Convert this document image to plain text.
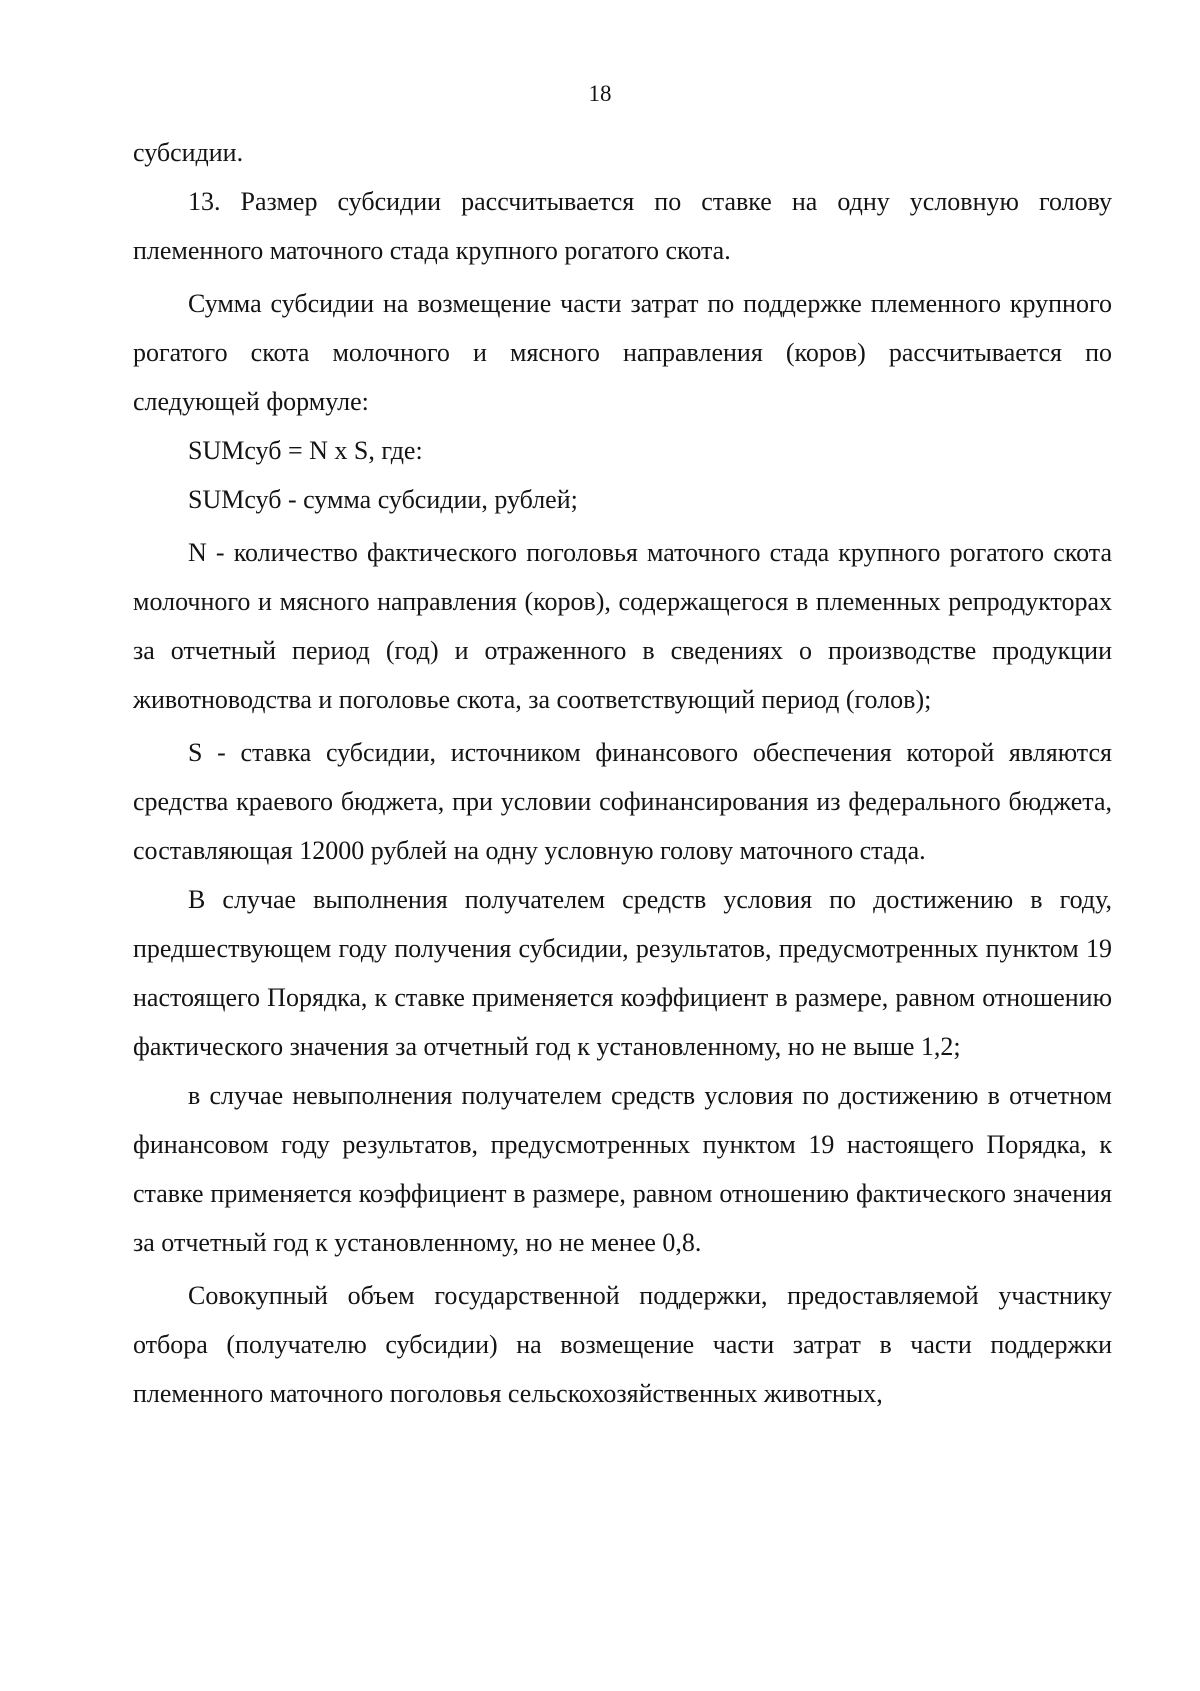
18

субсидии.

13. Размер субсидии рассчитывается по ставке на одну условную голову племенного маточного стада крупного рогатого скота.

Сумма субсидии на возмещение части затрат по поддержке племенного крупного рогатого скота молочного и мясного направления (коров) рассчитывается по следующей формуле:

SUMсуб = N x S, где:

SUMсуб - сумма субсидии, рублей;

N - количество фактического поголовья маточного стада крупного рогатого скота молочного и мясного направления (коров), содержащегося в племенных репродукторах за отчетный период (год) и отраженного в сведениях о производстве продукции животноводства и поголовье скота, за соответствующий период (голов);

S - ставка субсидии, источником финансового обеспечения которой являются средства краевого бюджета, при условии софинансирования из федерального бюджета, составляющая 12000 рублей на одну условную голову маточного стада.

В случае выполнения получателем средств условия по достижению в году, предшествующем году получения субсидии, результатов, предусмотренных пунктом 19 настоящего Порядка, к ставке применяется коэффициент в размере, равном отношению фактического значения за отчетный год к установленному, но не выше 1,2;

в случае невыполнения получателем средств условия по достижению в отчетном финансовом году результатов, предусмотренных пунктом 19 настоящего Порядка, к ставке применяется коэффициент в размере, равном отношению фактического значения за отчетный год к установленному, но не менее 0,8.

Совокупный объем государственной поддержки, предоставляемой участнику отбора (получателю субсидии) на возмещение части затрат в части поддержки племенного маточного поголовья сельскохозяйственных животных,
